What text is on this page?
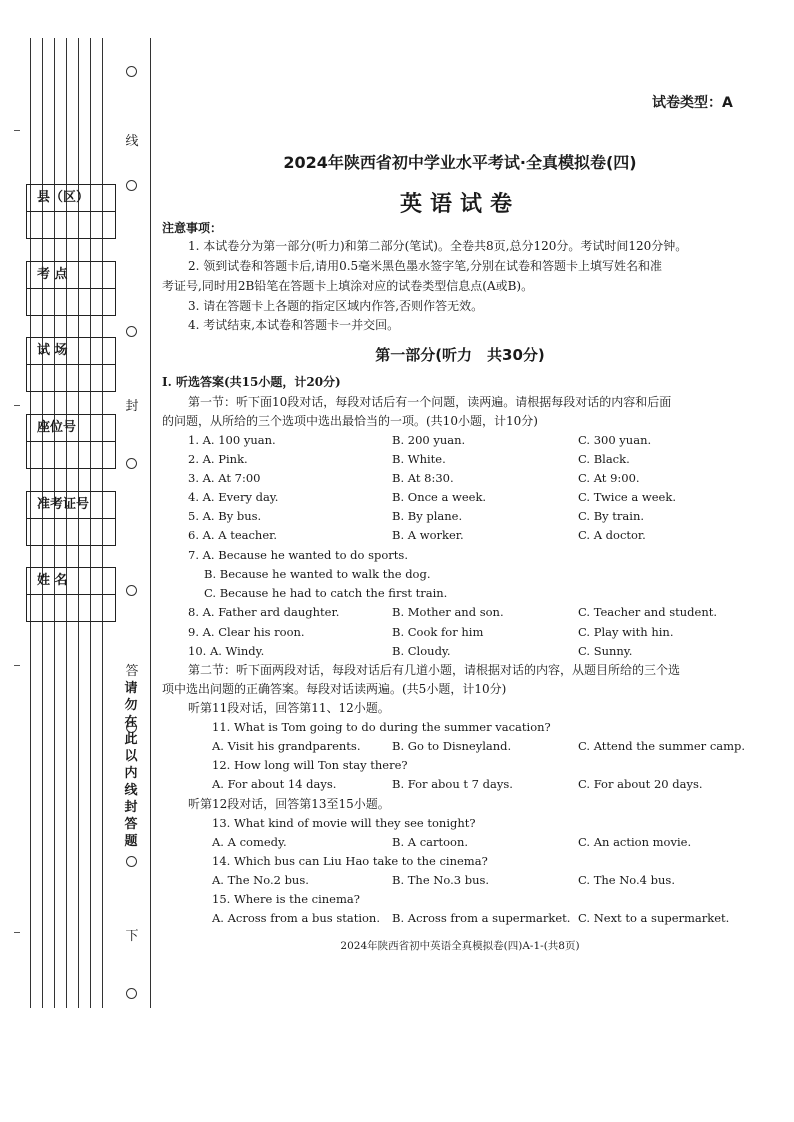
线
封
答
请
勿
在
此
以
内
线
封
答
题
下
县（区）
考 点
试 场
座位号
准考证号
姓 名
试卷类型：A
2024年陕西省初中学业水平考试·全真模拟卷(四)
英语试卷
注意事项：
1. 本试卷分为第一部分(听力)和第二部分(笔试)。全卷共8页,总分120分。考试时间120分钟。
2. 领到试卷和答题卡后,请用0.5毫米黑色墨水签字笔,分别在试卷和答题卡上填写姓名和准
考证号,同时用2B铅笔在答题卡上填涂对应的试卷类型信息点(A或B)。
3. 请在答题卡上各题的指定区域内作答,否则作答无效。
4. 考试结束,本试卷和答题卡一并交回。
第一部分(听力　共30分)
Ⅰ. 听选答案(共15小题，计20分)
第一节：听下面10段对话，每段对话后有一个问题，读两遍。请根据每段对话的内容和后面
的问题，从所给的三个选项中选出最恰当的一项。(共10小题，计10分)
1. A. 100 yuan.	B. 200 yuan.	C. 300 yuan.
2. A. Pink.	B. White.	C. Black.
3. A. At 7:00	B. At 8:30.	C. At 9:00.
4. A. Every day.	B. Once a week.	C. Twice a week.
5. A. By bus.	B. By plane.	C. By train.
6. A. A teacher.	B. A worker.	C. A doctor.
7. A. Because he wanted to do sports.
B. Because he wanted to walk the dog.
C. Because he had to catch the first train.
8. A. Father ard daughter.	B. Mother and son.	C. Teacher and student.
9. A. Clear his roon.	B. Cook for him	C. Play with hin.
10. A. Windy.	B. Cloudy.	C. Sunny.
第二节：听下面两段对话，每段对话后有几道小题，请根据对话的内容，从题目所给的三个选
项中选出问题的正确答案。每段对话读两遍。(共5小题，计10分)
听第11段对话，回答第11、12小题。
11. What is Tom going to do during the summer vacation?
A. Visit his grandparents.	B. Go to Disneyland.	C. Attend the summer camp.
12. How long will Ton stay there?
A. For about 14 days.	B. For abou t 7 days.	C. For about 20 days.
听第12段对话，回答第13至15小题。
13. What kind of movie will they see tonight?
A. A comedy.	B. A cartoon.	C. An action movie.
14. Which bus can Liu Hao take to the cinema?
A. The No.2 bus.	B. The No.3 bus.	C. The No.4 bus.
15. Where is the cinema?
A. Across from a bus station. B. Across from a supermarket. C. Next to a supermarket.
2024年陕西省初中英语全真模拟卷(四)A-1-(共8页)
